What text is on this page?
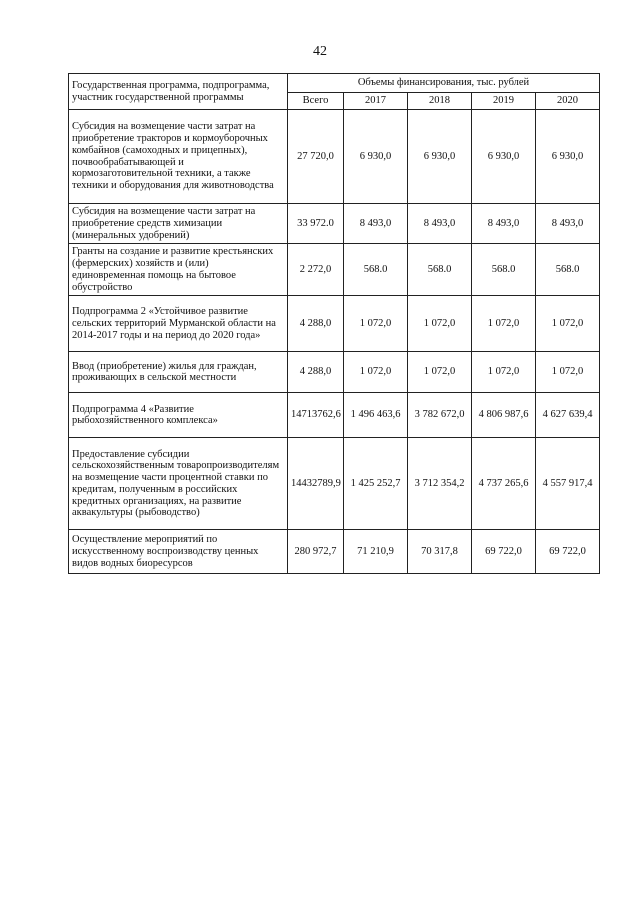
42
Государственная программа, подпрограмма, участник государственной программы	Объемы финансирования, тыс. рублей				
	Всего	2017	2018	2019	2020
Субсидия на возмещение части затрат на приобретение тракторов и кормоуборочных комбайнов (самоходных и прицепных), почвообрабатывающей и кормозаготовительной техники, а также техники и оборудования для животноводства	27 720,0	6 930,0	6 930,0	6 930,0	6 930,0
Субсидия на возмещение части затрат на приобретение средств химизации (минеральных удобрений)	33 972.0	8 493,0	8 493,0	8 493,0	8 493,0
Гранты на создание и развитие крестьянских (фермерских) хозяйств и (или) единовременная помощь на бытовое обустройство	2 272,0	568.0	568.0	568.0	568.0
Подпрограмма 2 «Устойчивое развитие сельских территорий Мурманской области на 2014-2017 годы и на период до 2020 года»	4 288,0	1 072,0	1 072,0	1 072,0	1 072,0
Ввод (приобретение) жилья для граждан, проживающих в сельской местности	4 288,0	1 072,0	1 072,0	1 072,0	1 072,0
Подпрограмма 4 «Развитие рыбохозяйственного комплекса»	14713762,6	1 496 463,6	3 782 672,0	4 806 987,6	4 627 639,4
Предоставление субсидии сельскохозяйственным товаропроизводителям на возмещение части процентной ставки по кредитам, полученным в российских кредитных организациях, на развитие аквакультуры (рыбоводство)	14432789,9	1 425 252,7	3 712 354,2	4 737 265,6	4 557 917,4
Осуществление мероприятий по искусственному воспроизводству ценных видов водных биоресурсов	280 972,7	71 210,9	70 317,8	69 722,0	69 722,0
